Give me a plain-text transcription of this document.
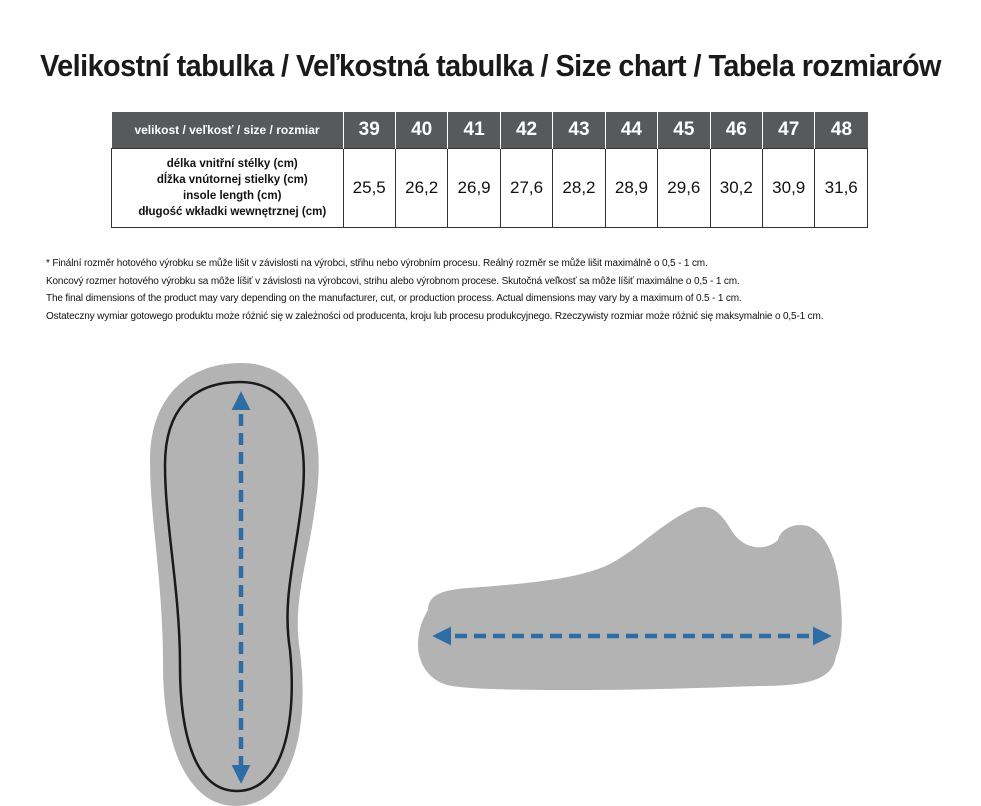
Velikostní tabulka / Veľkostná tabulka / Size chart / Tabela rozmiarów
velikost / veľkosť / size / rozmiar	39	40	41	42	43	44	45	46	47	48

délka vnitřní stélky (cm)
dĺžka vnútornej stielky (cm)
insole length (cm)
długość wkładki wewnętrznej (cm)	25,5	26,2	26,9	27,6	28,2	28,9	29,6	30,2	30,9	31,6

* Finální rozměr hotového výrobku se může lišit v závislosti na výrobci, střihu nebo výrobním procesu. Reálný rozměr se může lišit maximálně o 0,5 - 1 cm.

Koncový rozmer hotového výrobku sa môže líšiť v závislosti na výrobcovi, strihu alebo výrobnom procese. Skutočná veľkosť sa môže líšiť maximálne o 0,5 - 1 cm.

The final dimensions of the product may vary depending on the manufacturer, cut, or production process. Actual dimensions may vary by a maximum of 0.5 - 1 cm.

Ostateczny wymiar gotowego produktu może różnić się w zależności od producenta, kroju lub procesu produkcyjnego. Rzeczywisty rozmiar może różnić się maksymalnie o 0,5-1 cm.
